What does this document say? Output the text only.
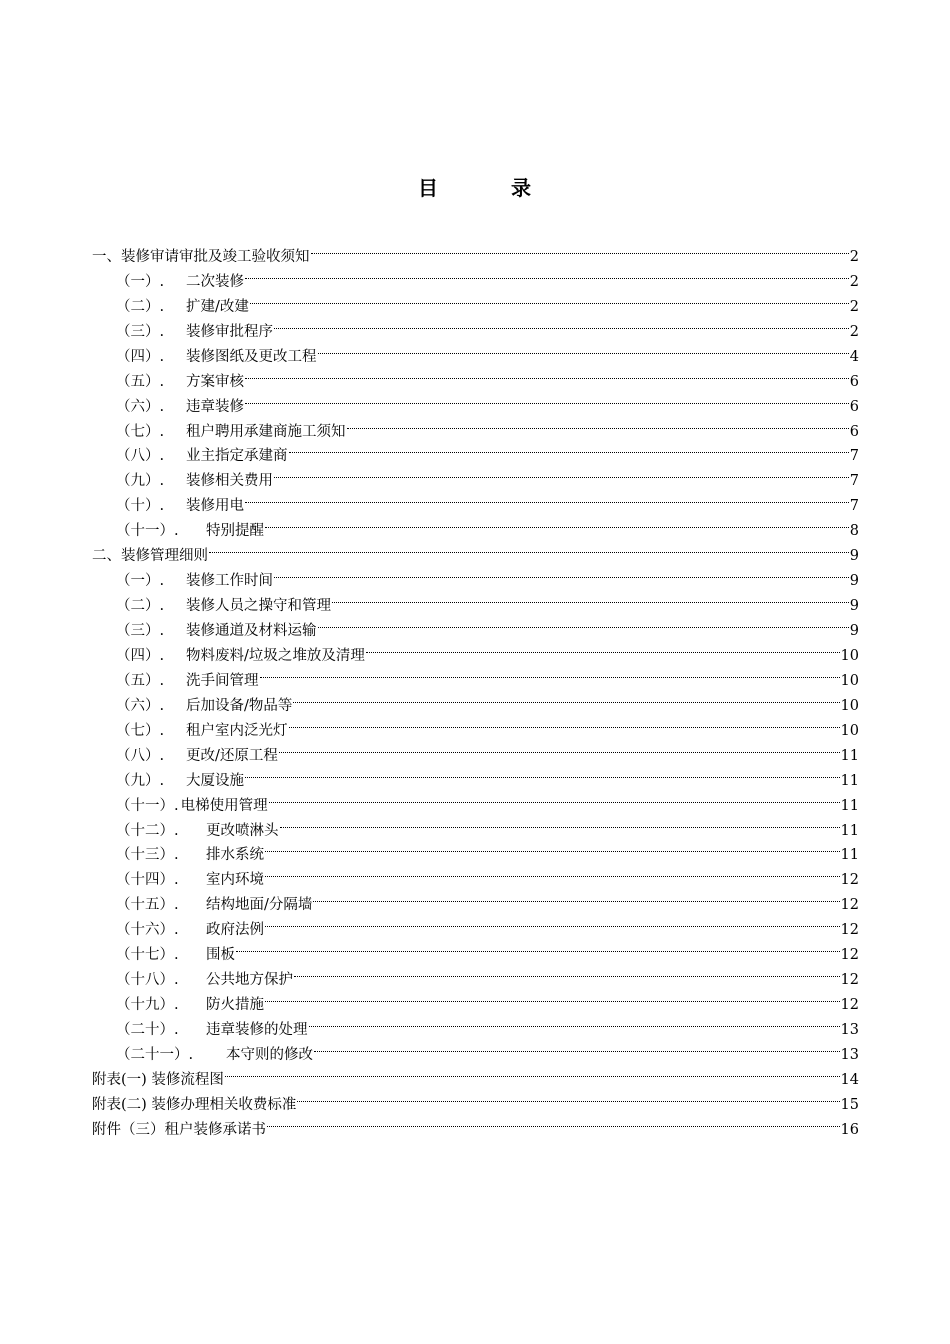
目	录
一、装修审请审批及竣工验收须知	2
（一）.	二次装修	2
（二）.	扩建/改建	2
（三）.	装修审批程序	2
（四）.	装修图纸及更改工程	4
（五）.	方案审核	6
（六）.	违章装修	6
（七）.	租户聘用承建商施工须知	6
（八）.	业主指定承建商	7
（九）.	装修相关费用	7
（十）.	装修用电	7
（十一）.	特别提醒	8
二、装修管理细则	9
（一）.	装修工作时间	9
（二）.	装修人员之操守和管理	9
（三）.	装修通道及材料运输	9
（四）.	物料废料/垃圾之堆放及清理	10
（五）.	洗手间管理	10
（六）.	后加设备/物品等	10
（七）.	租户室内泛光灯	10
（八）.	更改/还原工程	11
（九）.	大厦设施	11
（十一）. 电梯使用管理	11
（十二）.	更改喷淋头	11
（十三）.	排水系统	11
（十四）.	室内环境	12
（十五）.	结构地面/分隔墙	12
（十六）.	政府法例	12
（十七）.	围板	12
（十八）.	公共地方保护	12
（十九）.	防火措施	12
（二十）.	违章装修的处理	13
（二十一）.	本守则的修改	13
附表(一) 装修流程图	14
附表(二) 装修办理相关收费标准	15
附件（三）租户装修承诺书	16
